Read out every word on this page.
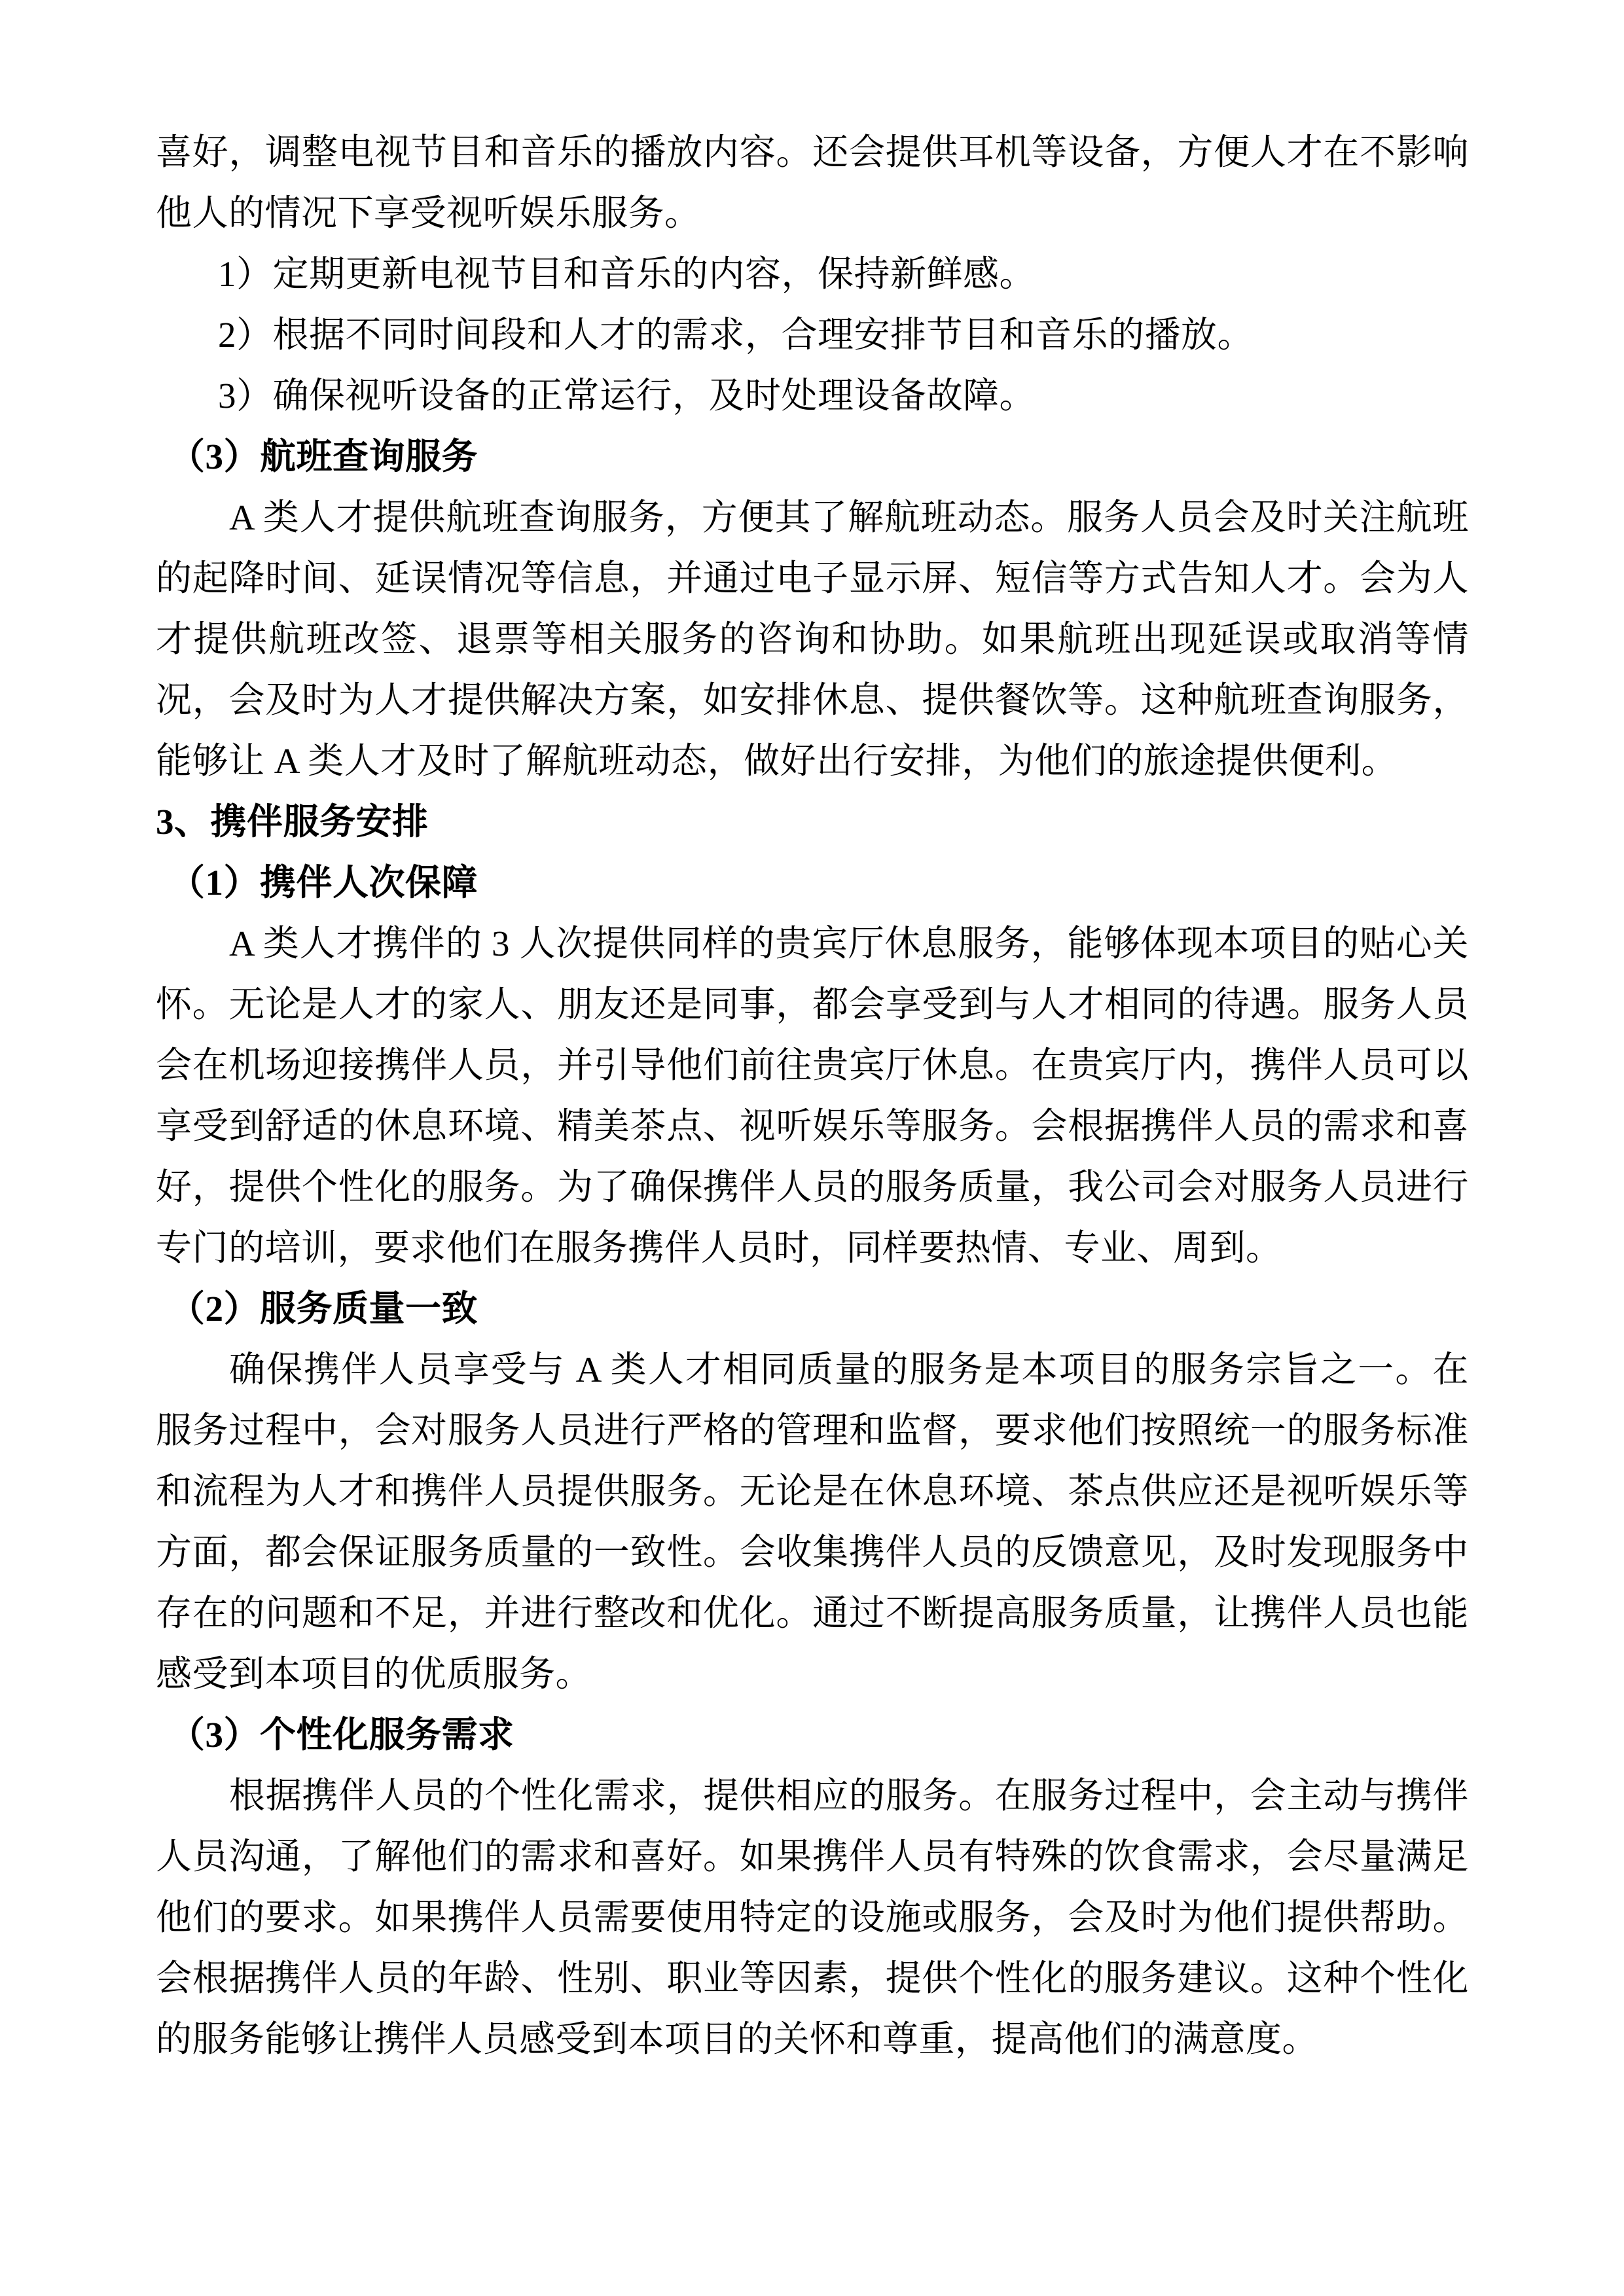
喜好，调整电视节目和音乐的播放内容。还会提供耳机等设备，方便人才在不影响他人的情况下享受视听娱乐服务。

1）定期更新电视节目和音乐的内容，保持新鲜感。

2）根据不同时间段和人才的需求，合理安排节目和音乐的播放。

3）确保视听设备的正常运行，及时处理设备故障。

（3）航班查询服务

A 类人才提供航班查询服务，方便其了解航班动态。服务人员会及时关注航班的起降时间、延误情况等信息，并通过电子显示屏、短信等方式告知人才。会为人才提供航班改签、退票等相关服务的咨询和协助。如果航班出现延误或取消等情况，会及时为人才提供解决方案，如安排休息、提供餐饮等。这种航班查询服务，能够让 A 类人才及时了解航班动态，做好出行安排，为他们的旅途提供便利。

3、携伴服务安排

（1）携伴人次保障

A 类人才携伴的 3 人次提供同样的贵宾厅休息服务，能够体现本项目的贴心关怀。无论是人才的家人、朋友还是同事，都会享受到与人才相同的待遇。服务人员会在机场迎接携伴人员，并引导他们前往贵宾厅休息。在贵宾厅内，携伴人员可以享受到舒适的休息环境、精美茶点、视听娱乐等服务。会根据携伴人员的需求和喜好，提供个性化的服务。为了确保携伴人员的服务质量，我公司会对服务人员进行专门的培训，要求他们在服务携伴人员时，同样要热情、专业、周到。

（2）服务质量一致

确保携伴人员享受与 A 类人才相同质量的服务是本项目的服务宗旨之一。在服务过程中，会对服务人员进行严格的管理和监督，要求他们按照统一的服务标准和流程为人才和携伴人员提供服务。无论是在休息环境、茶点供应还是视听娱乐等方面，都会保证服务质量的一致性。会收集携伴人员的反馈意见，及时发现服务中存在的问题和不足，并进行整改和优化。通过不断提高服务质量，让携伴人员也能感受到本项目的优质服务。

（3）个性化服务需求

根据携伴人员的个性化需求，提供相应的服务。在服务过程中，会主动与携伴人员沟通，了解他们的需求和喜好。如果携伴人员有特殊的饮食需求，会尽量满足他们的要求。如果携伴人员需要使用特定的设施或服务，会及时为他们提供帮助。会根据携伴人员的年龄、性别、职业等因素，提供个性化的服务建议。这种个性化的服务能够让携伴人员感受到本项目的关怀和尊重，提高他们的满意度。
